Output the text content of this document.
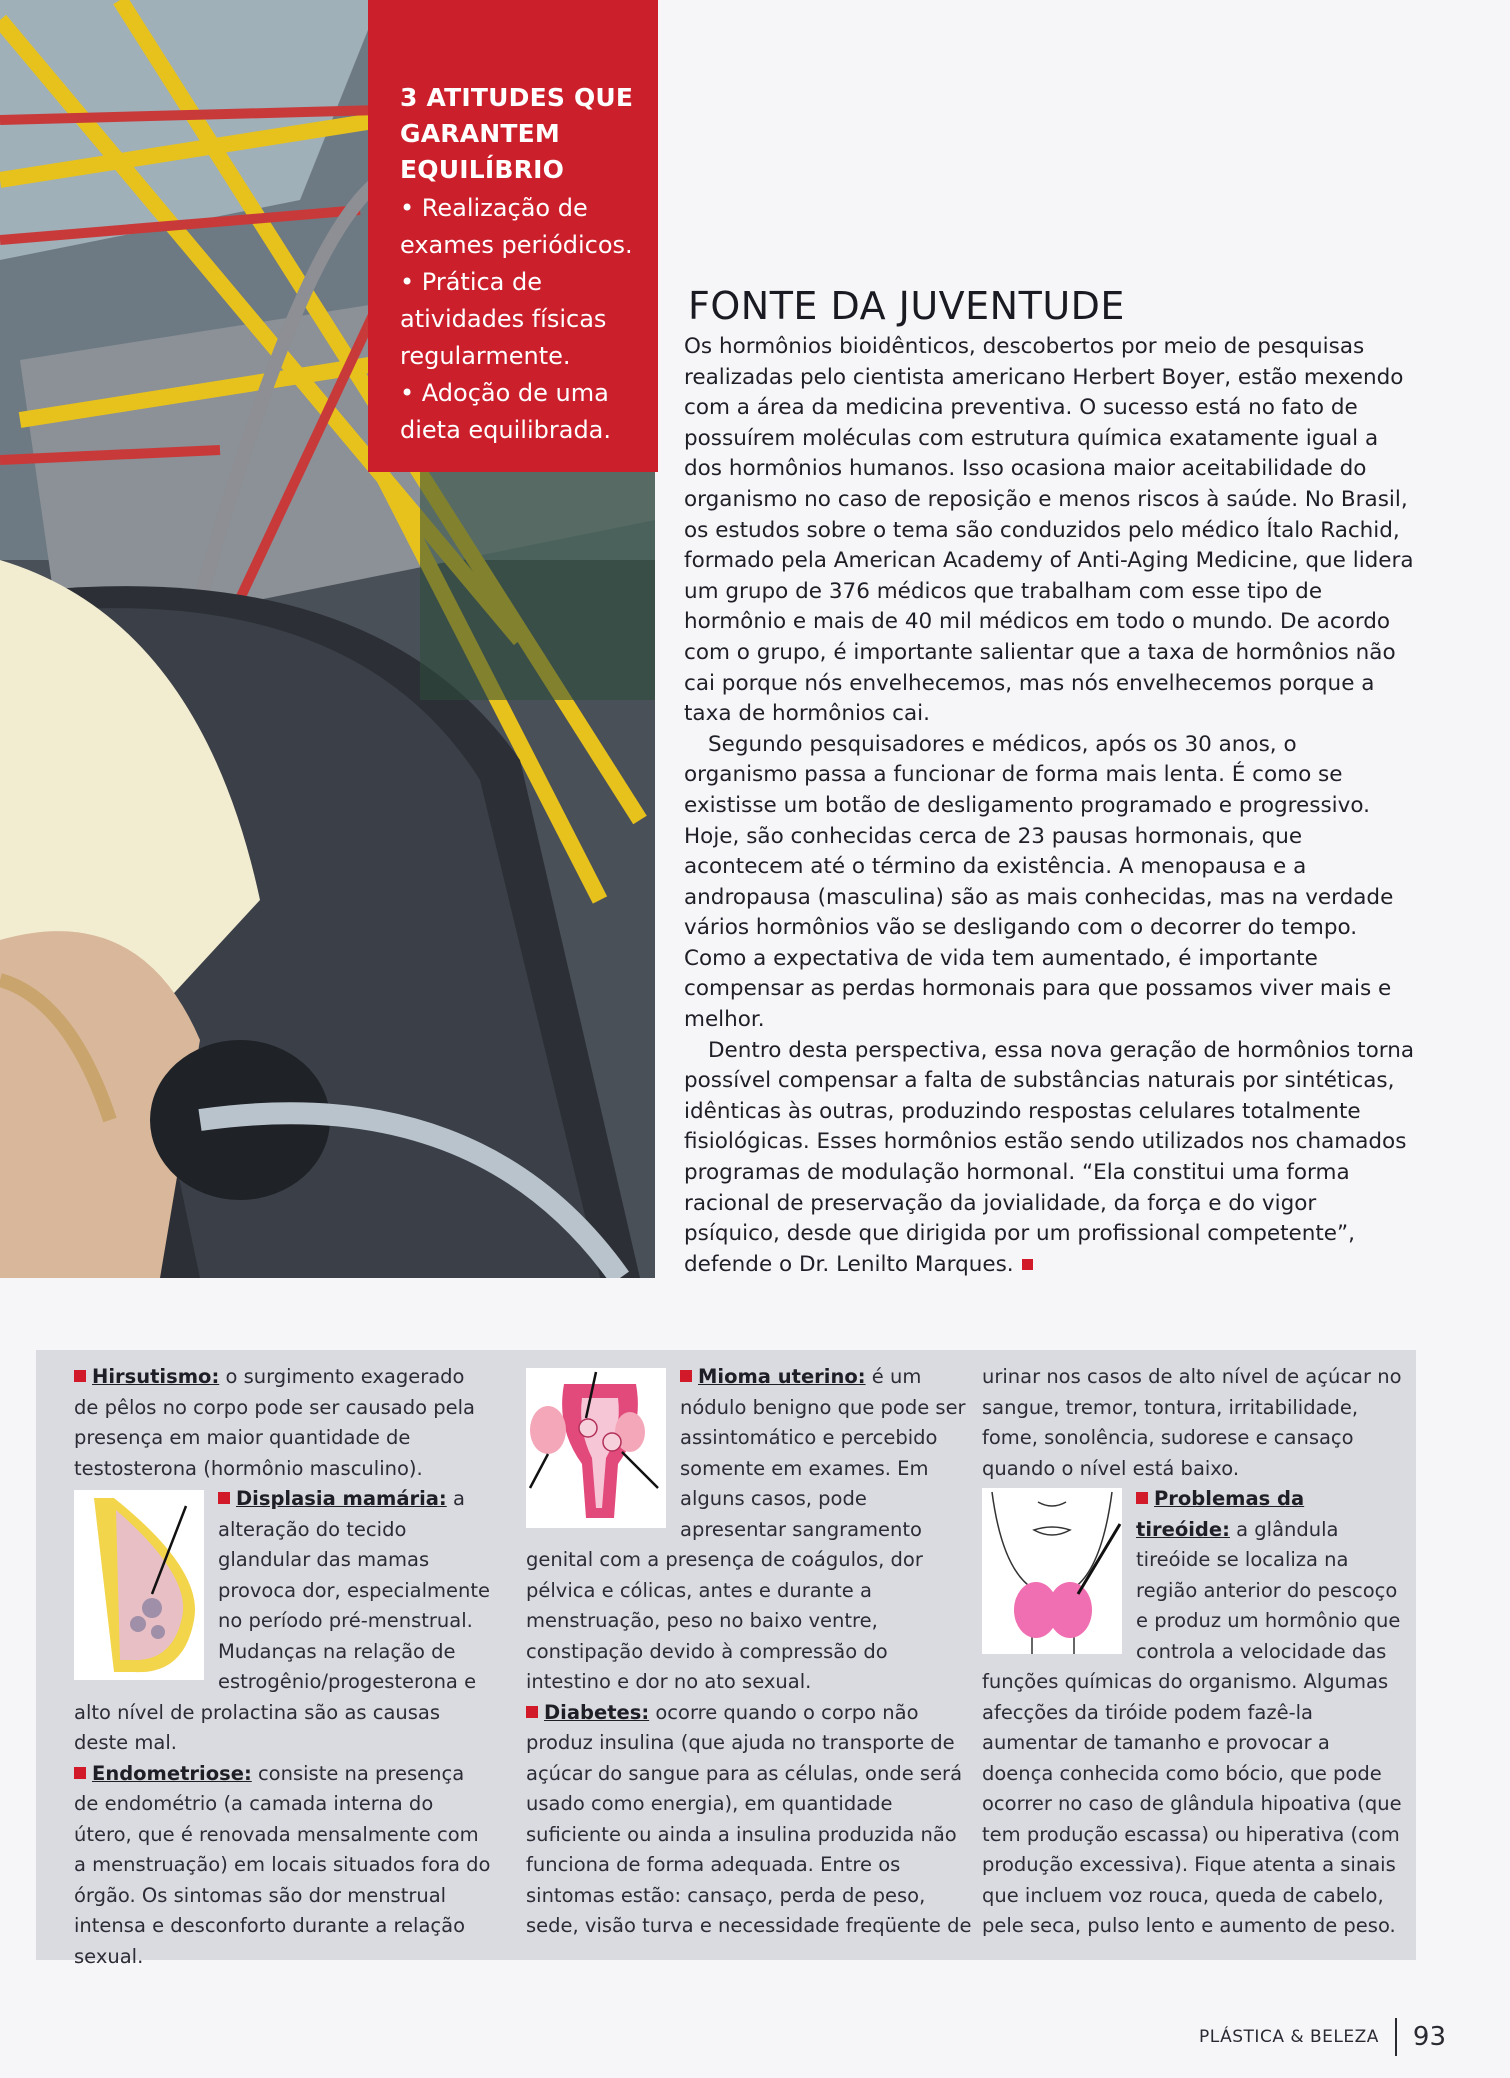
3 ATITUDES QUE GARANTEM EQUILÍBRIO
• Realização de exames periódicos.
• Prática de atividades físicas regularmente.
• Adoção de uma dieta equilibrada.
FONTE DA JUVENTUDE

Os hormônios bioidênticos, descobertos por meio de pesquisas realizadas pelo cientista americano Herbert Boyer, estão mexendo com a área da medicina preventiva. O sucesso está no fato de possuírem moléculas com estrutura química exatamente igual a dos hormônios humanos. Isso ocasiona maior aceitabilidade do organismo no caso de reposição e menos riscos à saúde. No Brasil, os estudos sobre o tema são conduzidos pelo médico Ítalo Rachid, formado pela American Academy of Anti-Aging Medicine, que lidera um grupo de 376 médicos que trabalham com esse tipo de hormônio e mais de 40 mil médicos em todo o mundo. De acordo com o grupo, é importante salientar que a taxa de hormônios não cai porque nós envelhecemos, mas nós envelhecemos porque a taxa de hormônios cai.

Segundo pesquisadores e médicos, após os 30 anos, o organismo passa a funcionar de forma mais lenta. É como se existisse um botão de desligamento programado e progressivo. Hoje, são conhecidas cerca de 23 pausas hormonais, que acontecem até o término da existência. A menopausa e a andropausa (masculina) são as mais conhecidas, mas na verdade vários hormônios vão se desligando com o decorrer do tempo. Como a expectativa de vida tem aumentado, é importante compensar as perdas hormonais para que possamos viver mais e melhor.

Dentro desta perspectiva, essa nova geração de hormônios torna possível compensar a falta de substâncias naturais por sintéticas, idênticas às outras, produzindo respostas celulares totalmente fisiológicas. Esses hormônios estão sendo utilizados nos chamados programas de modulação hormonal. “Ela constitui uma forma racional de preservação da jovialidade, da força e do vigor psíquico, desde que dirigida por um profissional competente”, defende o Dr. Lenilto Marques.

Hirsutismo: o surgimento exagerado de pêlos no corpo pode ser causado pela presença em maior quantidade de testosterona (hormônio masculino).

Displasia mamária:
a alteração do tecido glandular das mamas provoca dor, especialmente no período pré-menstrual. Mudanças na relação de estrogênio/progesterona e alto nível de prolactina são as causas deste mal.

Endometriose: consiste na presença de endométrio (a camada interna do útero, que é renovada mensalmente com a menstruação) em locais situados fora do órgão. Os sintomas são dor menstrual intensa e desconforto durante a relação sexual.

Mioma uterino:
é um nódulo benigno que pode ser assintomático e percebido somente em exames. Em alguns casos, pode apresentar sangramento genital com a presença de coágulos, dor pélvica e cólicas, antes e durante a menstruação, peso no baixo ventre, constipação devido à compressão do intestino e dor no ato sexual.

Diabetes: ocorre quando o corpo não produz insulina (que ajuda no transporte de açúcar do sangue para as células, onde será usado como energia), em quantidade suficiente ou ainda a insulina produzida não funciona de forma adequada. Entre os sintomas estão: cansaço, perda de peso, sede, visão turva e necessidade freqüente de

urinar nos casos de alto nível de açúcar no sangue, tremor, tontura, irritabilidade, fome, sonolência, sudorese e cansaço quando o nível está baixo.

Problemas da tireóide: a glândula tireóide se localiza na região anterior do pescoço e produz um hormônio que controla a velocidade das funções químicas do organismo. Algumas afecções da tiróide podem fazê-la aumentar de tamanho e provocar a doença conhecida como bócio, que pode ocorrer no caso de glândula hipoativa (que tem produção escassa) ou hiperativa (com produção excessiva). Fique atenta a sinais que incluem voz rouca, queda de cabelo, pele seca, pulso lento e aumento de peso.

PLÁSTICA & BELEZA 93
